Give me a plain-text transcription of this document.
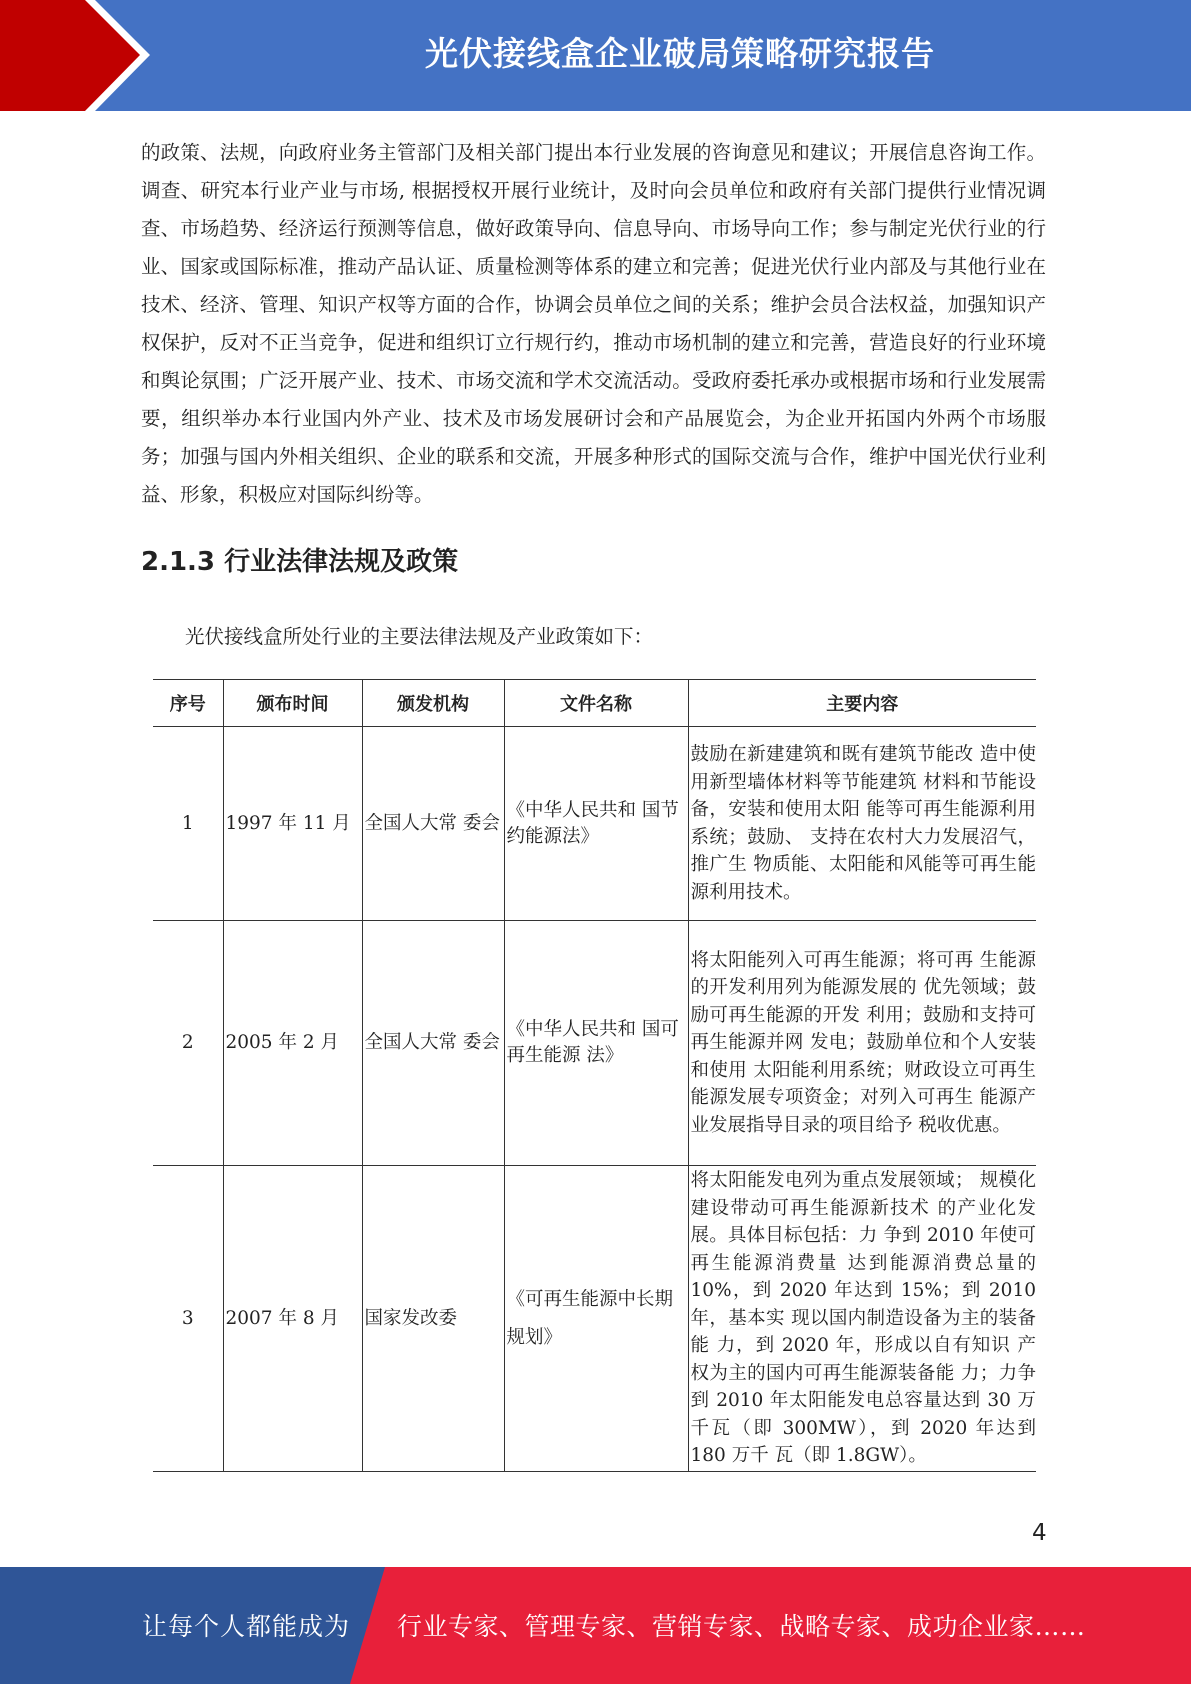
光伏接线盒企业破局策略研究报告

的政策、法规，向政府业务主管部门及相关部门提出本行业发展的咨询意见和建议；开展信息咨询工作。调查、研究本行业产业与市场, 根据授权开展行业统计，及时向会员单位和政府有关部门提供行业情况调查、市场趋势、经济运行预测等信息，做好政策导向、信息导向、市场导向工作；参与制定光伏行业的行业、国家或国际标准，推动产品认证、质量检测等体系的建立和完善；促进光伏行业内部及与其他行业在技术、经济、管理、知识产权等方面的合作，协调会员单位之间的关系；维护会员合法权益，加强知识产权保护，反对不正当竞争，促进和组织订立行规行约，推动市场机制的建立和完善，营造良好的行业环境和舆论氛围；广泛开展产业、技术、市场交流和学术交流活动。受政府委托承办或根据市场和行业发展需要，组织举办本行业国内外产业、技术及市场发展研讨会和产品展览会，为企业开拓国内外两个市场服务；加强与国内外相关组织、企业的联系和交流，开展多种形式的国际交流与合作，维护中国光伏行业利益、形象，积极应对国际纠纷等。

2.1.3 行业法律法规及政策

光伏接线盒所处行业的主要法律法规及产业政策如下：

序号	颁布时间	颁发机构	文件名称	主要内容
1	1997 年 11 月	全国人大常 委会	《中华人民共和 国节约能源法》	鼓励在新建建筑和既有建筑节能改 造中使用新型墙体材料等节能建筑 材料和节能设备，安装和使用太阳 能等可再生能源利用系统；鼓励、 支持在农村大力发展沼气，推广生 物质能、太阳能和风能等可再生能 源利用技术。
2	2005 年 2 月	全国人大常 委会	《中华人民共和 国可再生能源 法》	将太阳能列入可再生能源；将可再 生能源的开发利用列为能源发展的 优先领域；鼓励可再生能源的开发 利用；鼓励和支持可再生能源并网 发电；鼓励单位和个人安装和使用 太阳能利用系统；财政设立可再生 能源发展专项资金；对列入可再生 能源产业发展指导目录的项目给予 税收优惠。
3	2007 年 8 月	国家发改委	《可再生能源中长期规划》	将太阳能发电列为重点发展领域； 规模化建设带动可再生能源新技术 的产业化发展。具体目标包括：力 争到 2010 年使可再生能源消费量 达到能源消费总量的 10%，到 2020 年达到 15%；到 2010 年，基本实 现以国内制造设备为主的装备能 力，到 2020 年，形成以自有知识 产权为主的国内可再生能源装备能 力；力争到 2010 年太阳能发电总容量达到 30 万千瓦（即 300MW），到 2020 年达到 180 万千 瓦（即 1.8GW）。

4

让每个人都能成为 行业专家、管理专家、营销专家、战略专家、成功企业家……
